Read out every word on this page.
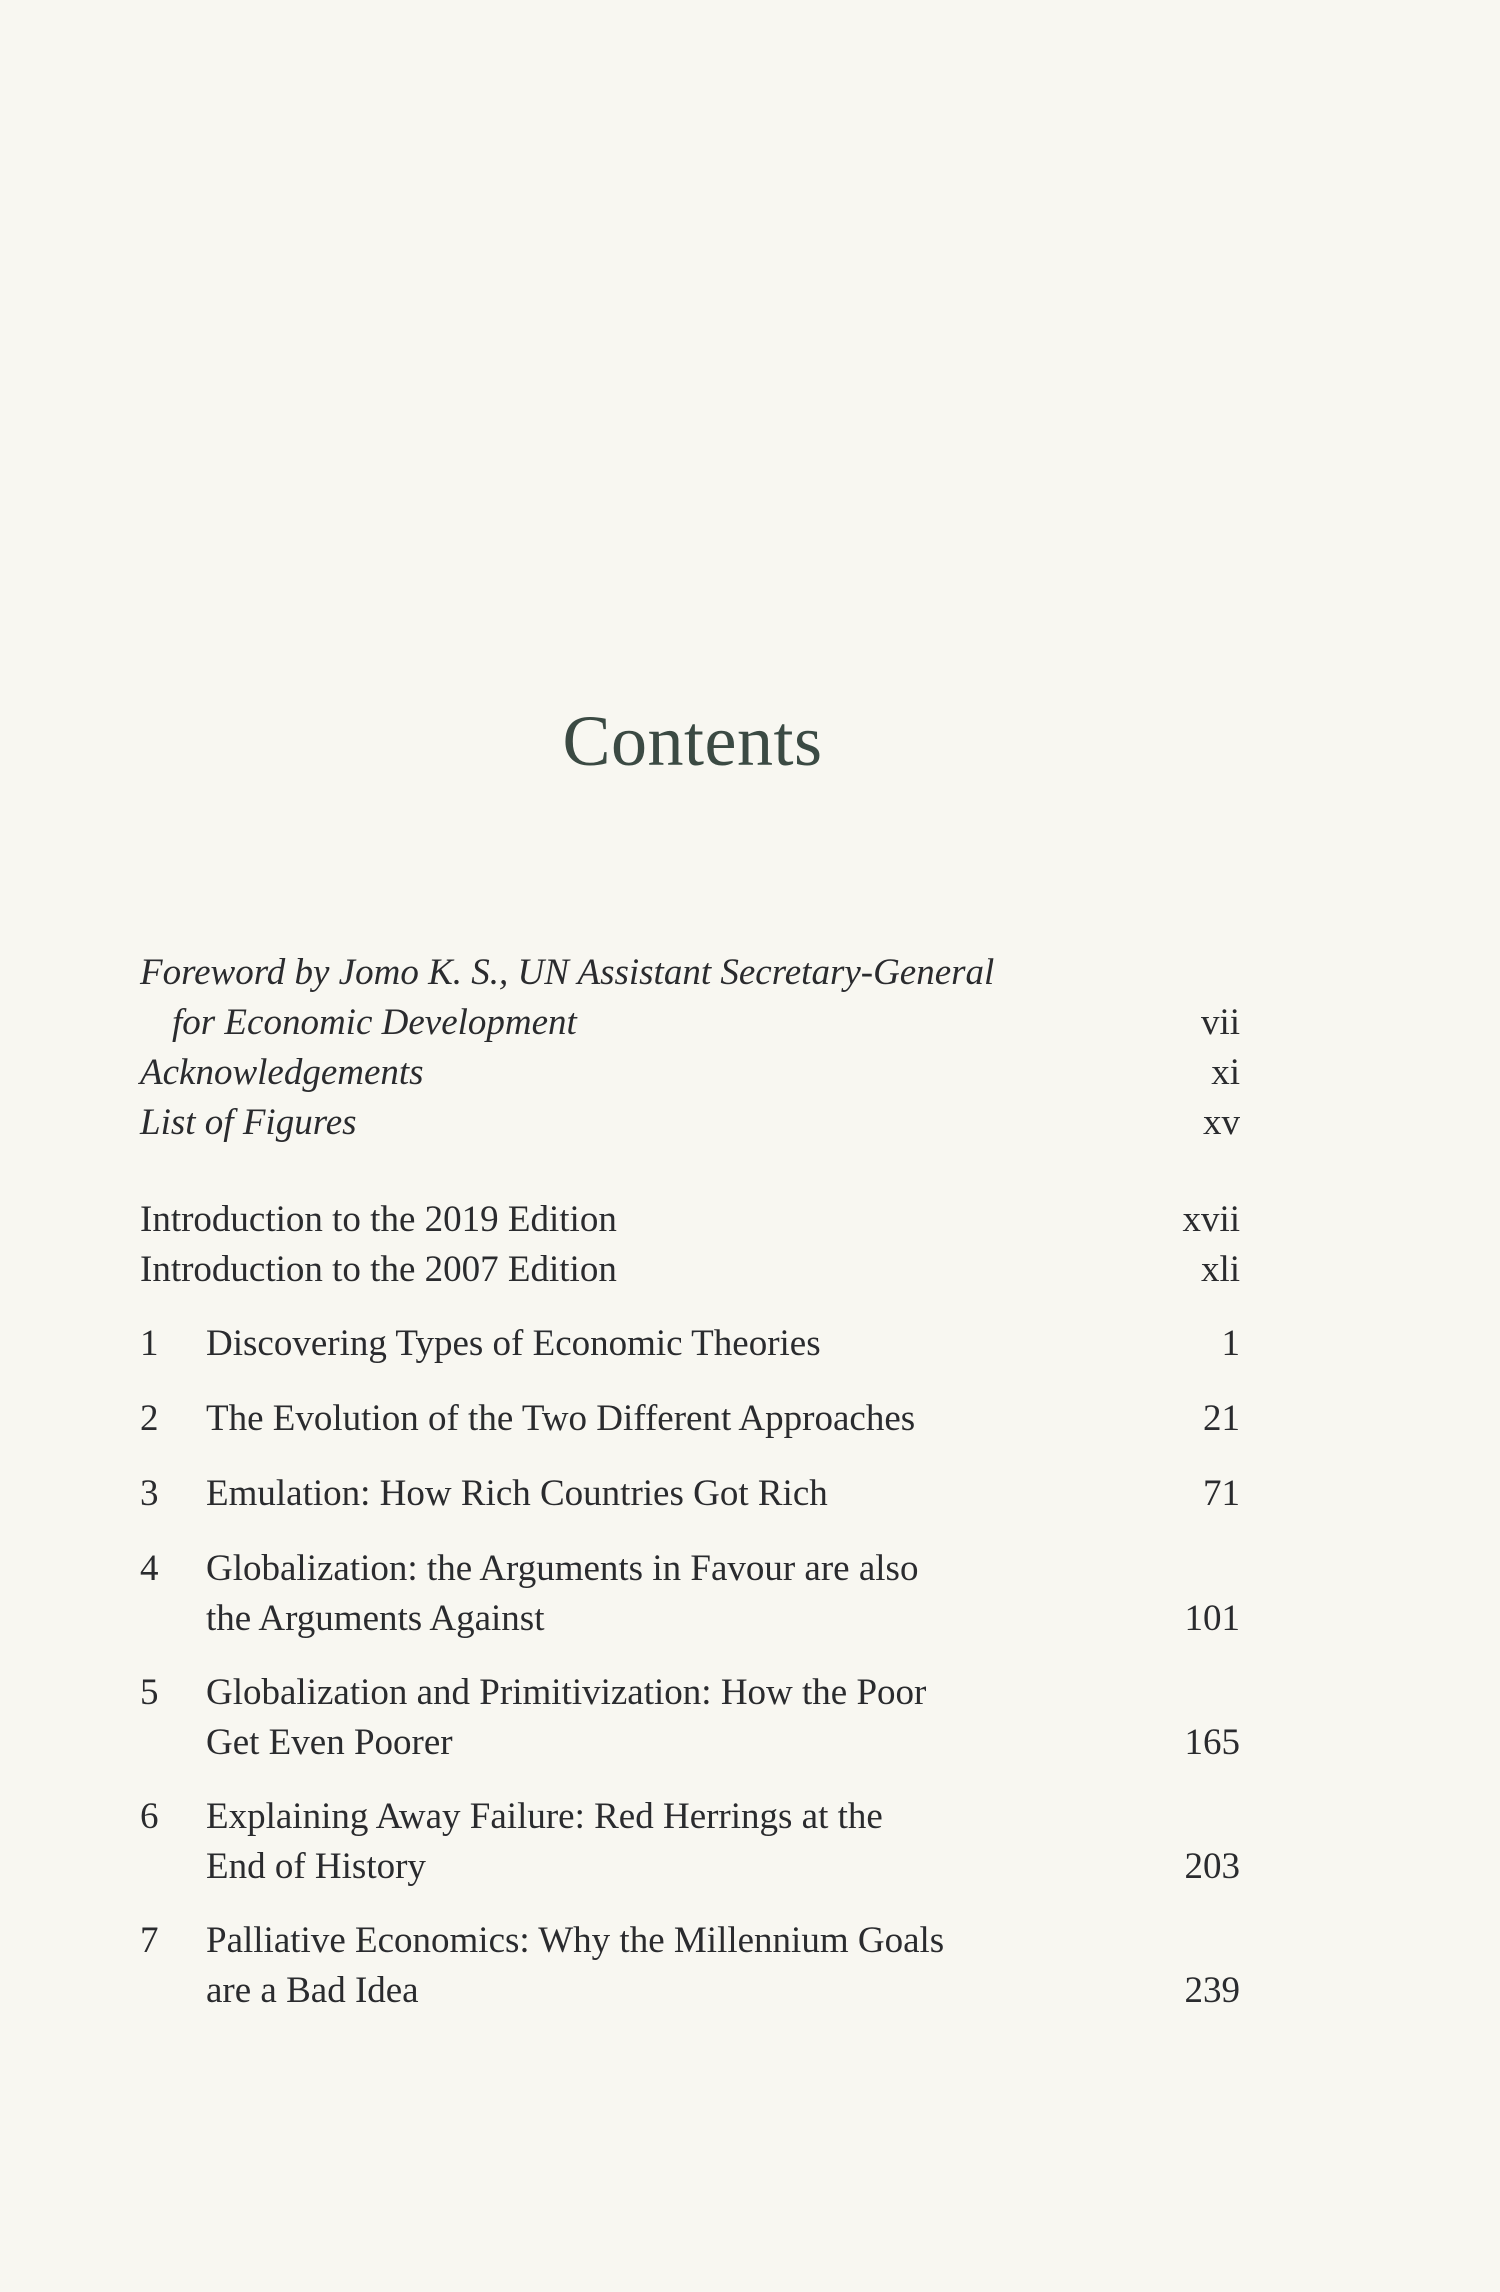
Contents
Foreword by Jomo K. S., UN Assistant Secretary-General
for Economic Development	vii
Acknowledgements	xi
List of Figures	xv
Introduction to the 2019 Edition	xvii
Introduction to the 2007 Edition	xli
1 Discovering Types of Economic Theories	1
2 The Evolution of the Two Different Approaches	21
3 Emulation: How Rich Countries Got Rich	71
4 Globalization: the Arguments in Favour are also
the Arguments Against	101
5 Globalization and Primitivization: How the Poor
Get Even Poorer	165
6 Explaining Away Failure: Red Herrings at the
End of History	203
7 Palliative Economics: Why the Millennium Goals
are a Bad Idea	239
